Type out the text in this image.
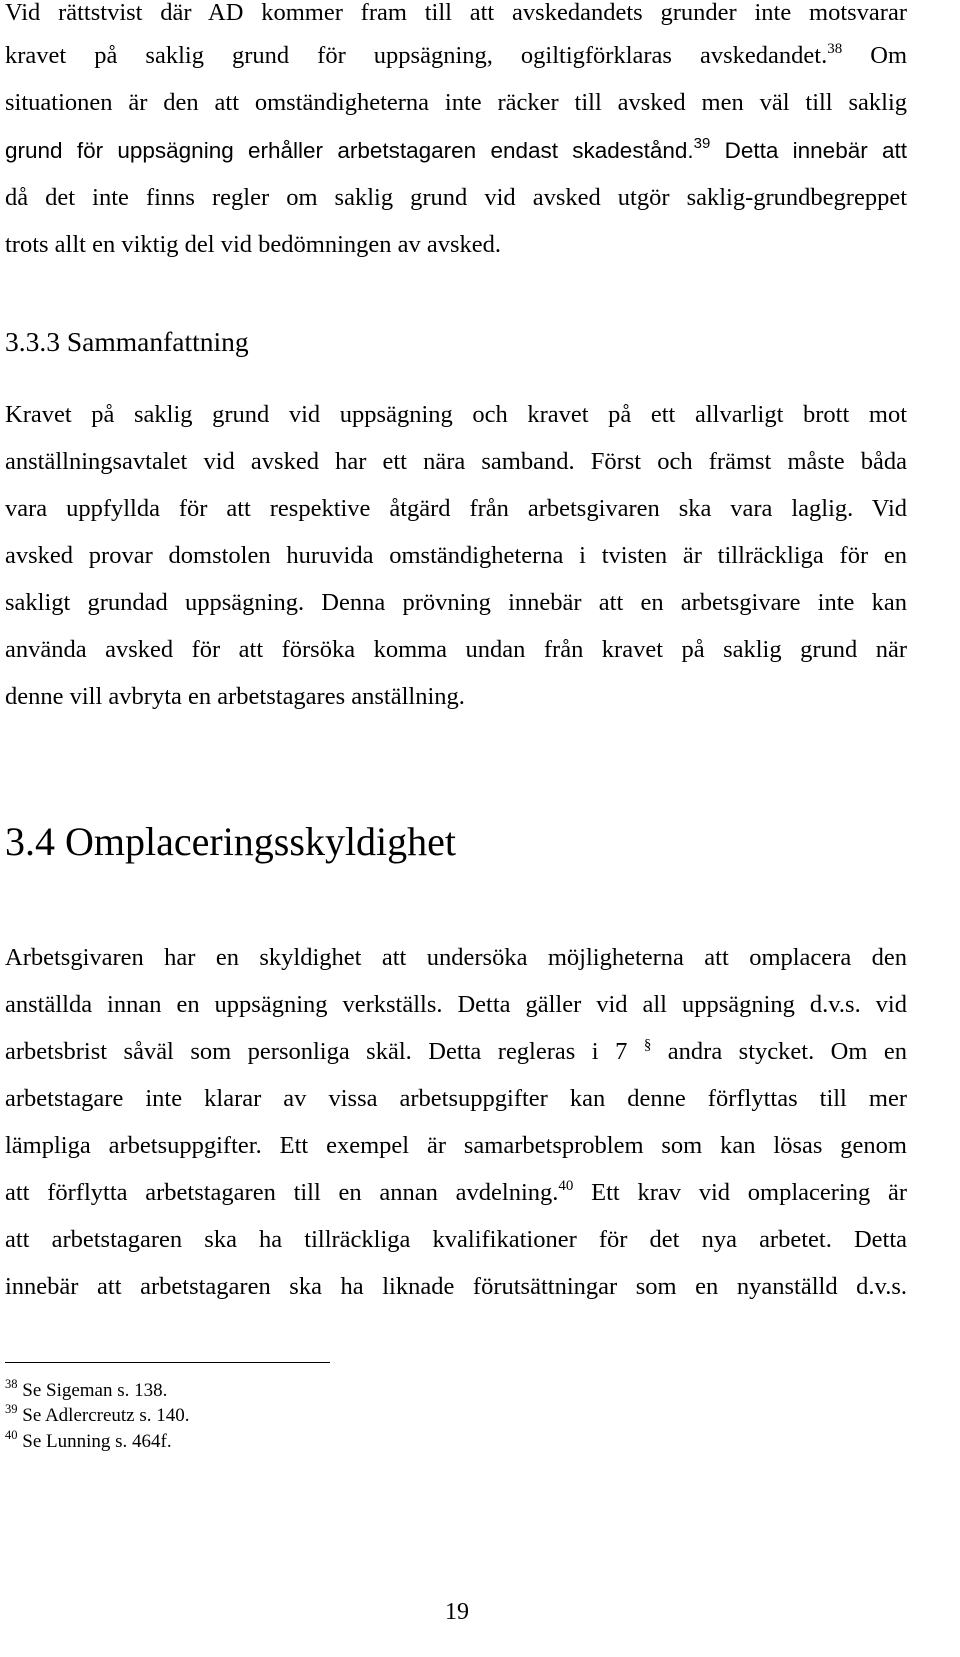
Vid rättstvist där AD kommer fram till att avskedandets grunder inte motsvarar
kravet på saklig grund för uppsägning, ogiltigförklaras avskedandet.$^{38}$ Om
situationen är den att omständigheterna inte räcker till avsked men väl till saklig
grund för uppsägning erhåller arbetstagaren endast skadestånd.$^{39}$ Detta innebär att
då det inte finns regler om saklig grund vid avsked utgör saklig-grundbegreppet
trots allt en viktig del vid bedömningen av avsked.
3.3.3 Sammanfattning
Kravet på saklig grund vid uppsägning och kravet på ett allvarligt brott mot
anställningsavtalet vid avsked har ett nära samband. Först och främst måste båda
vara uppfyllda för att respektive åtgärd från arbetsgivaren ska vara laglig. Vid
avsked provar domstolen huruvida omständigheterna i tvisten är tillräckliga för en
sakligt grundad uppsägning. Denna prövning innebär att en arbetsgivare inte kan
använda avsked för att försöka komma undan från kravet på saklig grund när
denne vill avbryta en arbetstagares anställning.
3.4 Omplaceringsskyldighet
Arbetsgivaren har en skyldighet att undersöka möjligheterna att omplacera den
anställda innan en uppsägning verkställs. Detta gäller vid all uppsägning d.v.s. vid
arbetsbrist såväl som personliga skäl. Detta regleras i 7 § andra stycket. Om en
arbetstagare inte klarar av vissa arbetsuppgifter kan denne förflyttas till mer
lämpliga arbetsuppgifter. Ett exempel är samarbetsproblem som kan lösas genom
att förflytta arbetstagaren till en annan avdelning.$^{40}$ Ett krav vid omplacering är
att arbetstagaren ska ha tillräckliga kvalifikationer för det nya arbetet. Detta
innebär att arbetstagaren ska ha liknade förutsättningar som en nyanställd d.v.s.
$^{38}$ Se Sigeman s. 138.
$^{39}$ Se Adlercreutz s. 140.
$^{40}$ Se Lunning s. 464f.
19
